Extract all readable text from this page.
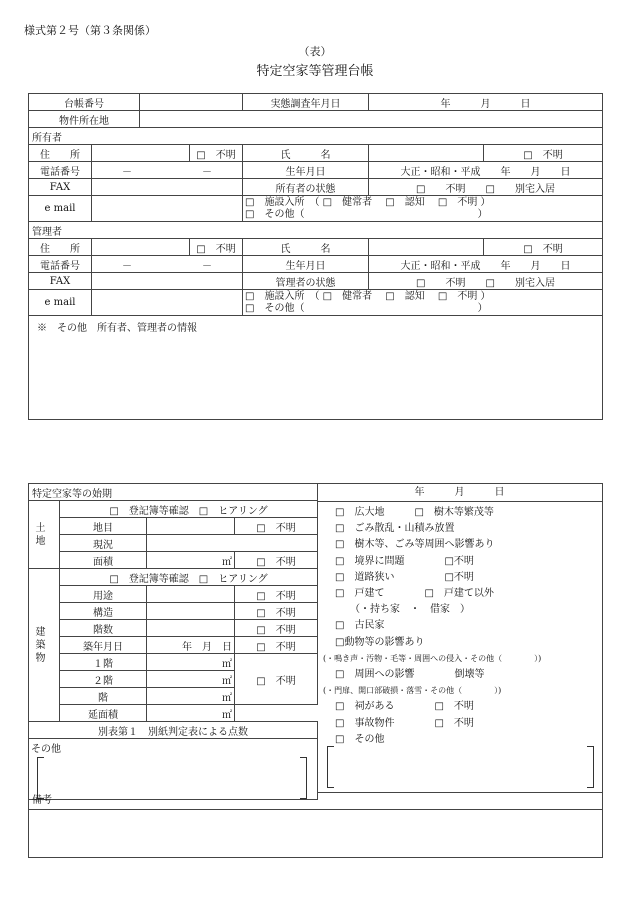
様式第２号（第３条関係）
（表）
特定空家等管理台帳
台帳番号				実態調査年月日	年　　　月　　　日	
物件所在地						
所有者						
住　　所			□　不明	氏　　　名		□　不明
電話番号	－　　　　　　　－			生年月日	大正・昭和・平成　　年　　月　　日	
FAX				所有者の状態	□　　不明　　□　　別宅入居	
e mail				□　施設入所　（ □　健常者　 □　認知　 □　不明 ）
□　その他（　　　　　　　　　　　　　　　　　 ）		

管理者						
住　　所			□　不明	氏　　　名		□　不明
電話番号	－　　　　　　　－			生年月日	大正・昭和・平成　　年　　月　　日	
FAX				管理者の状態	□　　不明　　□　　別宅入居	
e mail				□　施設入所　（ □　健常者　 □　認知　 □　不明 ）
□　その他（　　　　　　　　　　　　　　　　　 ）		

※　その他　所有者、管理者の情報						
特定空家等の始期			

土地	□　登記簿等確認　□　ヒアリング		
	地目		□　不明
	現況		
	面積	㎡	□　不明

建築物	□　登記簿等確認　□　ヒアリング		
	用途		□　不明
	構造		□　不明
	階数		□　不明
	築年月日	年　月　日	□　不明
	１階	㎡	□　不明
	２階	㎡	
	階	㎡	
	延面積	㎡	
別表第１　別紙判定表による点数			

その他			
年　　　月　　　日
□　広大地　　　□　樹木等繁茂等
□　ごみ散乱・山積み放置
□　樹木等、ごみ等周囲へ影響あり
□　境界に問題　　　　□不明
□　道路狭い　　　　　□不明
□　戸建て　　　　□　戸建て以外
　　（・持ち家　・　借家　）
□　古民家
□動物等の影響あり
(・鳴き声・汚物・毛等・周囲への侵入・その他（　　　　）)
□　周囲への影響　　　　倒壊等
(・門扉、開口部破損・落雪・その他（　　　　）)
□　祠がある　　　　□　不明
□　事故物件　　　　□　不明
□　その他
備考
